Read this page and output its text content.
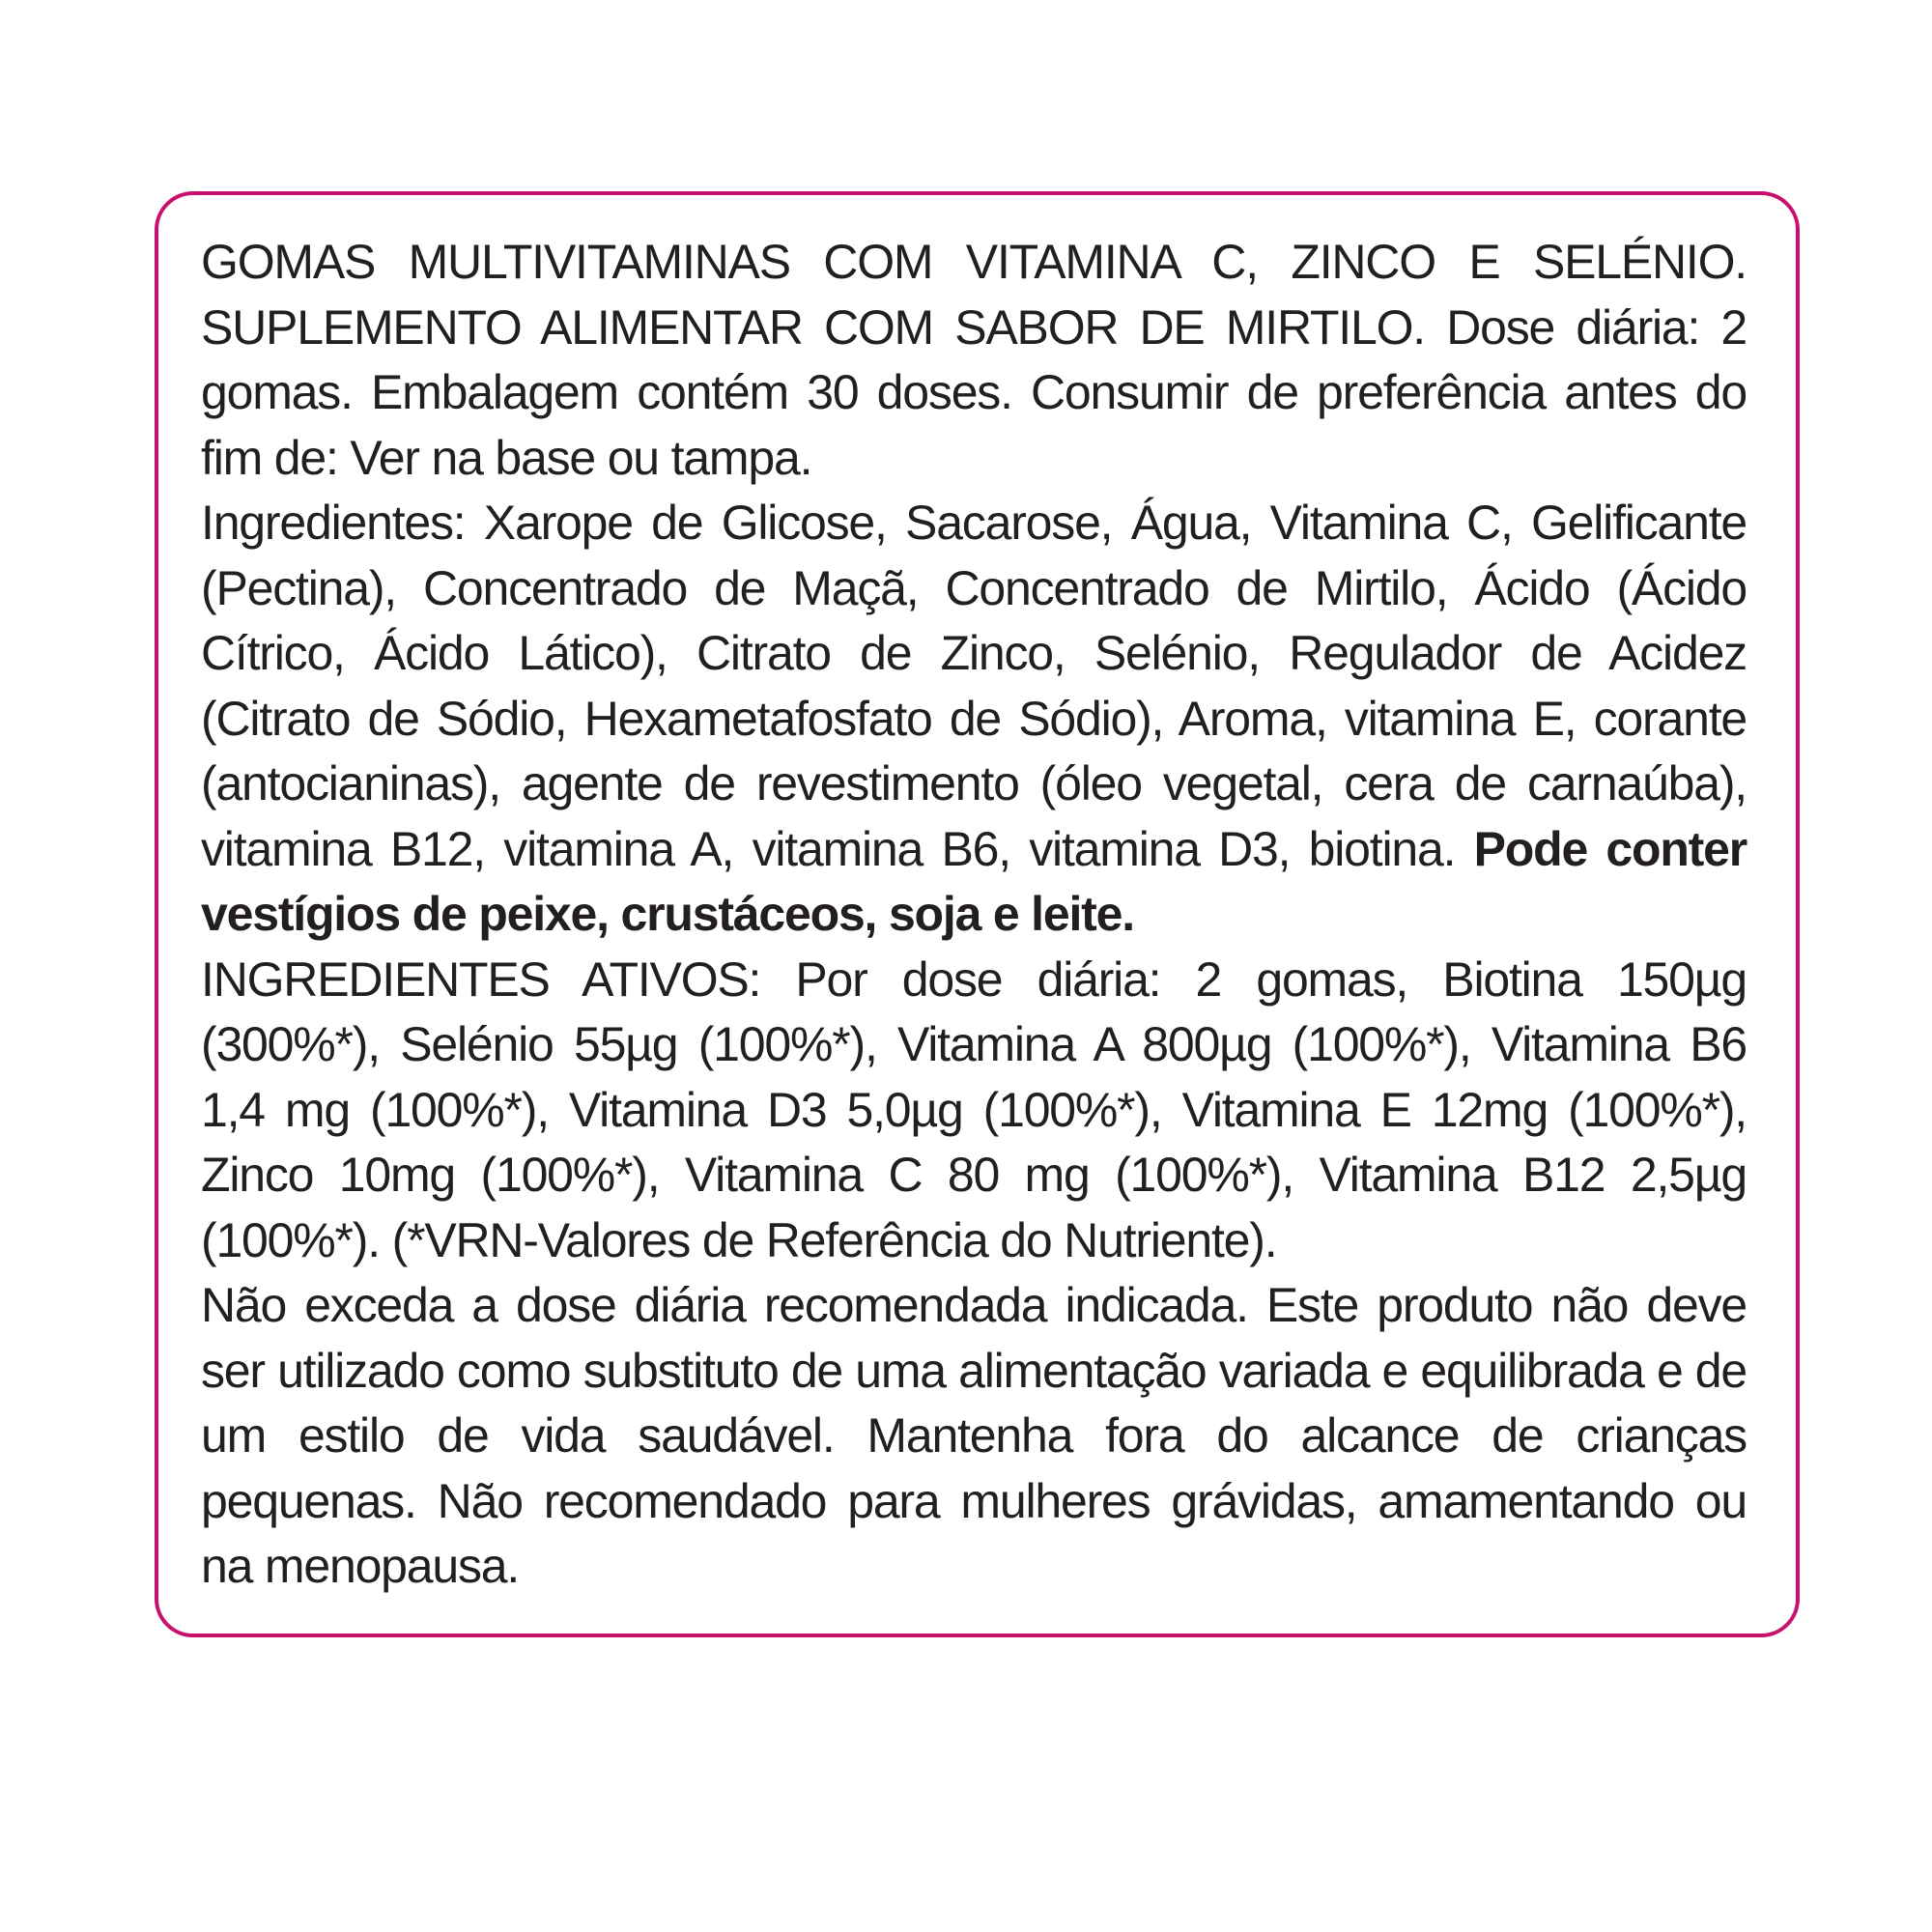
GOMAS MULTIVITAMINAS COM VITAMINA C, ZINCO E SELÉNIO. SUPLEMENTO ALIMENTAR COM SABOR DE MIRTILO. Dose diária: 2 gomas. Embalagem contém 30 doses. Consumir de preferência antes do fim de: Ver na base ou tampa.

Ingredientes: Xarope de Glicose, Sacarose, Água, Vitamina C, Gelificante (Pectina), Concentrado de Maçã, Concentrado de Mirtilo, Ácido (Ácido Cítrico, Ácido Lático), Citrato de Zinco, Selénio, Regulador de Acidez (Citrato de Sódio, Hexametafosfato de Sódio), Aroma, vitamina E, corante (antocianinas), agente de revestimento (óleo vegetal, cera de carnaúba), vitamina B12, vitamina A, vitamina B6, vitamina D3, biotina. Pode conter vestígios de peixe, crustáceos, soja e leite.

INGREDIENTES ATIVOS: Por dose diária: 2 gomas, Biotina 150µg (300%*), Selénio 55µg (100%*), Vitamina A 800µg (100%*), Vitamina B6 1,4 mg (100%*), Vitamina D3 5,0µg (100%*), Vitamina E 12mg (100%*), Zinco 10mg (100%*), Vitamina C 80 mg (100%*), Vitamina B12 2,5µg (100%*). (*VRN-Valores de Referência do Nutriente).

Não exceda a dose diária recomendada indicada. Este produto não deve ser utilizado como substituto de uma alimentação variada e equilibrada e de um estilo de vida saudável. Mantenha fora do alcance de crianças pequenas. Não recomendado para mulheres grávidas, amamentando ou na menopausa.
